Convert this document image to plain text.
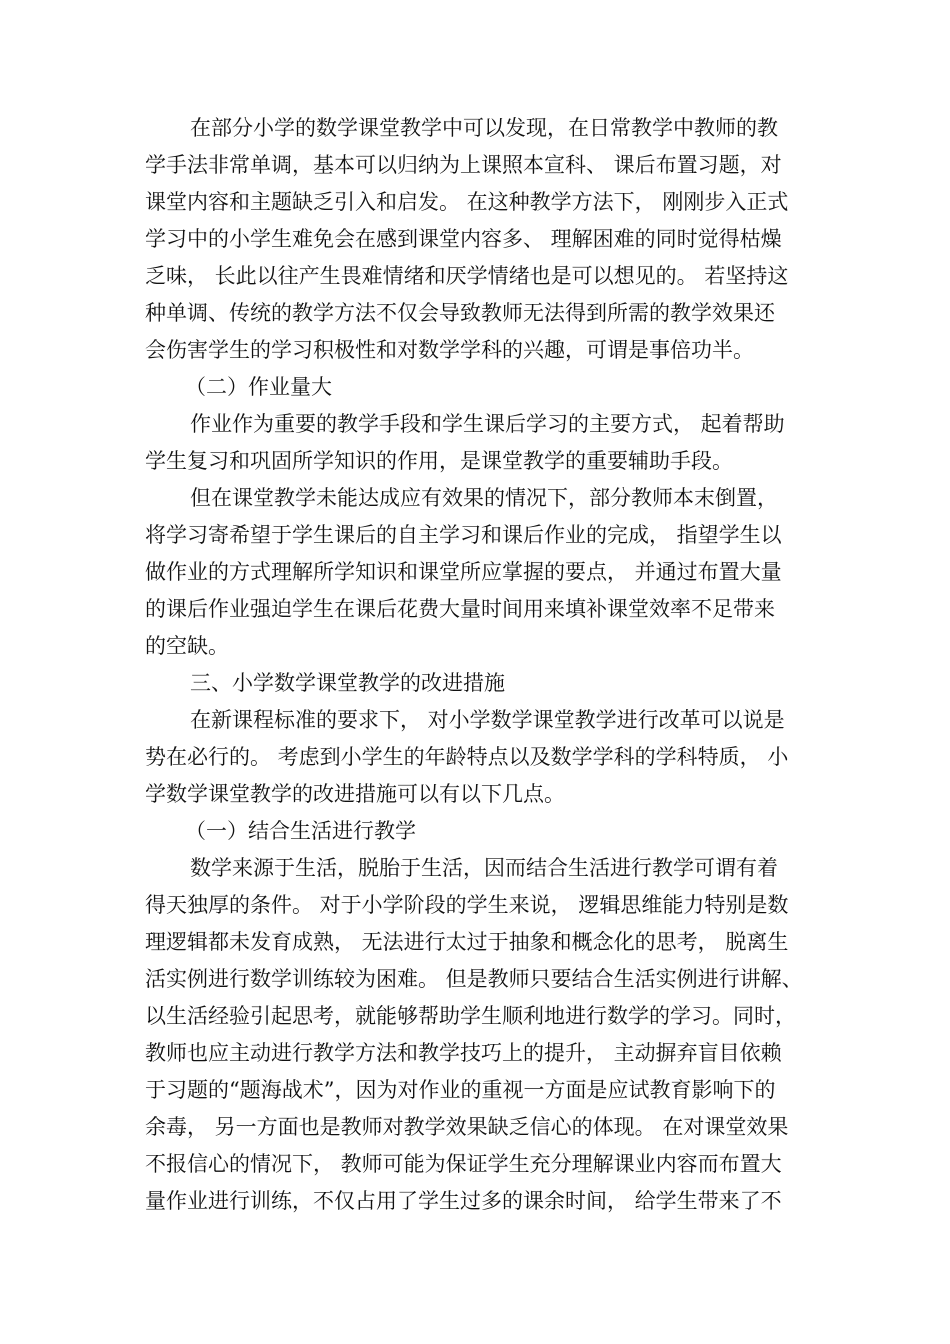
在部分小学的数学课堂教学中可以发现，在日常教学中教师的教
学手法非常单调，基本可以归纳为上课照本宣科、 课后布置习题，对
课堂内容和主题缺乏引入和启发。 在这种教学方法下， 刚刚步入正式
学习中的小学生难免会在感到课堂内容多、 理解困难的同时觉得枯燥
乏味， 长此以往产生畏难情绪和厌学情绪也是可以想见的。 若坚持这
种单调、传统的教学方法不仅会导致教师无法得到所需的教学效果还
会伤害学生的学习积极性和对数学学科的兴趣，可谓是事倍功半。
（二）作业量大
作业作为重要的教学手段和学生课后学习的主要方式， 起着帮助
学生复习和巩固所学知识的作用，是课堂教学的重要辅助手段。
但在课堂教学未能达成应有效果的情况下，部分教师本末倒置，
将学习寄希望于学生课后的自主学习和课后作业的完成， 指望学生以
做作业的方式理解所学知识和课堂所应掌握的要点， 并通过布置大量
的课后作业强迫学生在课后花费大量时间用来填补课堂效率不足带来
的空缺。
三、小学数学课堂教学的改进措施
在新课程标准的要求下， 对小学数学课堂教学进行改革可以说是
势在必行的。 考虑到小学生的年龄特点以及数学学科的学科特质， 小
学数学课堂教学的改进措施可以有以下几点。
（一）结合生活进行教学
数学来源于生活，脱胎于生活，因而结合生活进行教学可谓有着
得天独厚的条件。 对于小学阶段的学生来说， 逻辑思维能力特别是数
理逻辑都未发育成熟， 无法进行太过于抽象和概念化的思考， 脱离生
活实例进行数学训练较为困难。 但是教师只要结合生活实例进行讲解、
以生活经验引起思考，就能够帮助学生顺利地进行数学的学习。同时，
教师也应主动进行教学方法和教学技巧上的提升， 主动摒弃盲目依赖
于习题的“题海战术”，因为对作业的重视一方面是应试教育影响下的
余毒， 另一方面也是教师对教学效果缺乏信心的体现。 在对课堂效果
不报信心的情况下， 教师可能为保证学生充分理解课业内容而布置大
量作业进行训练，不仅占用了学生过多的课余时间， 给学生带来了不
